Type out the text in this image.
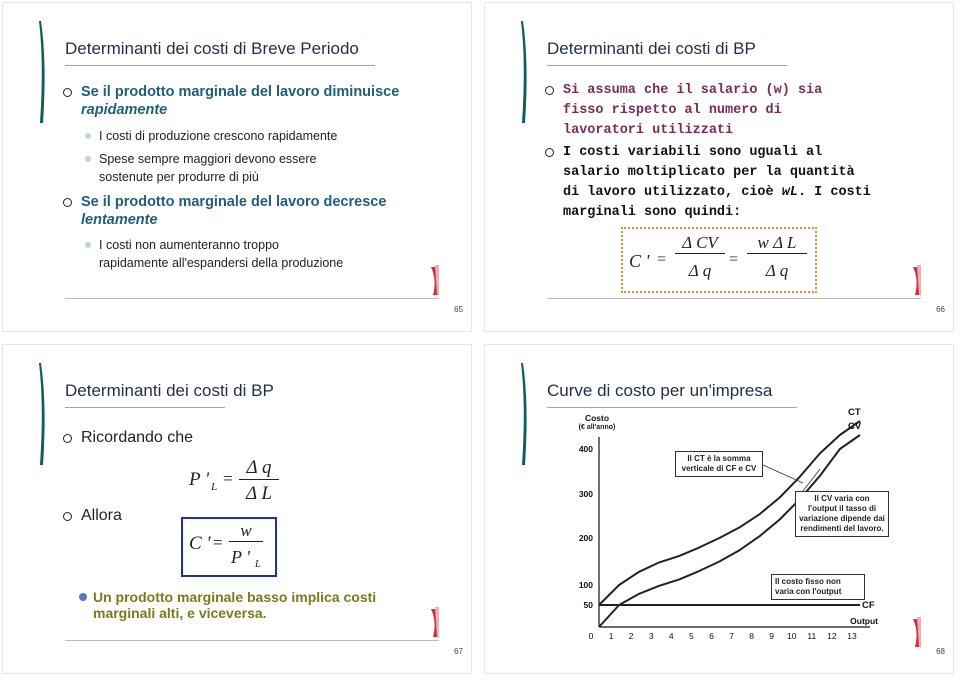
Determinanti dei costi di Breve Periodo
Se il prodotto marginale del lavoro diminuisce rapidamente
I costi di produzione crescono rapidamente
Spese sempre maggiori devono essere
sostenute per produrre di più
Se il prodotto marginale del lavoro decresce lentamente
I costi non aumenteranno troppo
rapidamente all'espandersi della produzione
65
Determinanti dei costi di BP
Si assuma che il salario (w) sia fisso rispetto al numero di lavoratori utilizzati
I costi variabili sono uguali al salario moltiplicato per la quantità di lavoro utilizzato, cioè wL. I costi marginali sono quindi:
C ' =
Δ CV
Δ q
=
w Δ L
Δ q
66
Determinanti dei costi di BP
Ricordando che
Allora
P ' L =
Δ q
Δ L
C ' =
w
P ' L
Un prodotto marginale basso implica costi marginali alti, e viceversa.
67
Curve di costo per un'impresa
Costo
(€ all'anno)
400
300
200
100
50
0 1 2 3 4 5 6 7 8 9 10 11 12 13
Output
CT
CV
CF
Il CT è la somma verticale di CF e CV
Il CV varia con l'output il tasso di variazione dipende dai rendimenti del lavoro.
Il costo fisso non varia con l'output
68
